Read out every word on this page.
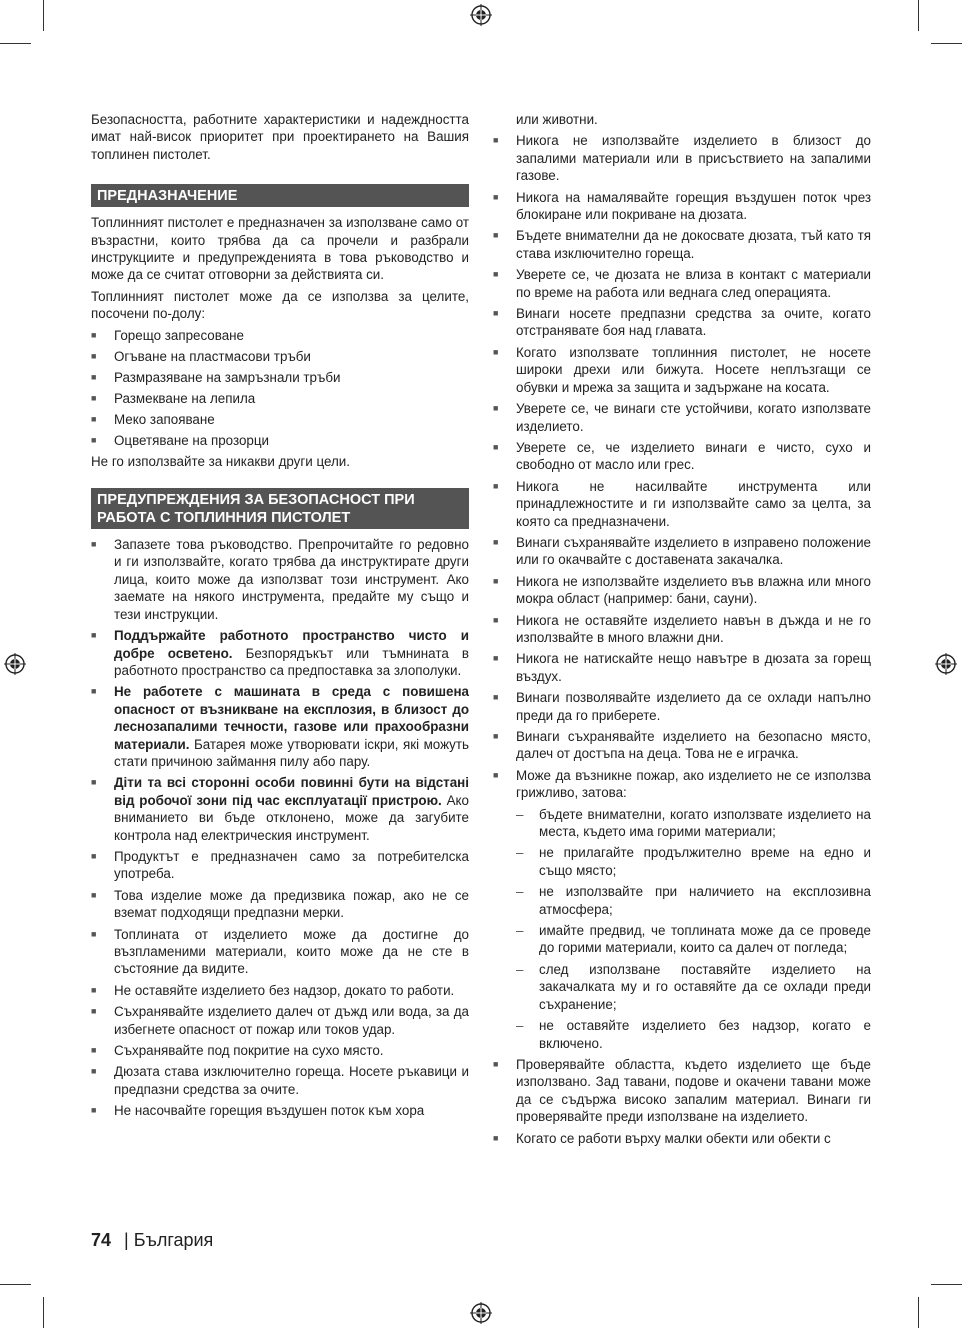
Безопасността, работните характеристики и надеждността имат най-висок приоритет при проектирането на Вашия топлинен пистолет.

ПРЕДНАЗНАЧЕНИЕ

Топлинният пистолет е предназначен за използване само от възрастни, които трябва да са прочели и разбрали инструкциите и предупрежденията в това ръководство и може да се считат отговорни за действията си.

Топлинният пистолет може да се използва за целите, посочени по-долу:

■ Горещо запресоване
■ Огъване на пластмасови тръби
■ Размразяване на замръзнали тръби
■ Размекване на лепила
■ Меко запояване
■ Оцветяване на прозорци

Не го използвайте за никакви други цели.

ПРЕДУПРЕЖДЕНИЯ ЗА БЕЗОПАСНОСТ ПРИ РАБОТА С ТОПЛИННИЯ ПИСТОЛЕТ
■ Запазете това ръководство. Препрочитайте го редовно и ги използвайте, когато трябва да инструктирате други лица, които може да използват този инструмент. Ако заемате на някого инструмента, предайте му също и тези инструкции.
■ Поддържайте работното пространство чисто и добре осветено. Безпорядъкът или тъмнината в работното пространство са предпоставка за злополуки.
■ Не работете с машината в среда с повишена опасност от възникване на експлозия, в близост до леснозапалими течности, газове или прахообразни материали. Батарея може утворювати іскри, які можуть стати причиною займання пилу або пару.
■ Діти та всі сторонні особи повинні бути на відстані від робочої зони під час експлуатації пристрою. Ако вниманието ви бъде отклонено, може да загубите контрола над електрическия инструмент.
■ Продуктът е предназначен само за потребителска употреба.
■ Това изделие може да предизвика пожар, ако не се вземат подходящи предпазни мерки.
■ Топлината от изделието може да достигне до възпламеними материали, които може да не сте в състояние да видите.
■ Не оставяйте изделието без надзор, докато то работи.
■ Съхранявайте изделието далеч от дъжд или вода, за да избегнете опасност от пожар или токов удар.
■ Съхранявайте под покритие на сухо място.
■ Дюзата става изключително гореща. Носете ръкавици и предпазни средства за очите.
■ Не насочвайте горещия въздушен поток към хора

или животни.

■ Никога не използвайте изделието в близост до запалими материали или в присъствието на запалими газове.
■ Никога на намалявайте горещия въздушен поток чрез блокиране или покриване на дюзата.
■ Бъдете внимателни да не докосвате дюзата, тъй като тя става изключително гореща.
■ Уверете се, че дюзата не влиза в контакт с материали по време на работа или веднага след операцията.
■ Винаги носете предпазни средства за очите, когато отстранявате боя над главата.
■ Когато използвате топлинния пистолет, не носете широки дрехи или бижута. Носете неплъзгащи се обувки и мрежа за защита и задържане на косата.
■ Уверете се, че винаги сте устойчиви, когато използвате изделието.
■ Уверете се, че изделието винаги е чисто, сухо и свободно от масло или грес.
■ Никога не насилвайте инструмента или принадлежностите и ги използвайте само за целта, за която са предназначени.
■ Винаги съхранявайте изделието в изправено положение или го окачвайте с доставената закачалка.
■ Никога не използвайте изделието във влажна или много мокра област (например: бани, сауни).
■ Никога не оставяйте изделието навън в дъжда и не го използвайте в много влажни дни.
■ Никога не натискайте нещо навътре в дюзата за горещ въздух.
■ Винаги позволявайте изделието да се охлади напълно преди да го приберете.
■ Винаги съхранявайте изделието на безопасно място, далеч от достъпа на деца. Това не е играчка.
■ Може да възникне пожар, ако изделието не се използва грижливо, затова:
– бъдете внимателни, когато използвате изделието на места, където има горими материали;
– не прилагайте продължително време на едно и също място;
– не използвайте при наличието на експлозивна атмосфера;
– имайте предвид, че топлината може да се проведе до горими материали, които са далеч от погледа;
– след използване поставяйте изделието на закачалката му и го оставяйте да се охлади преди съхранение;
– не оставяйте изделието без надзор, когато е включено.
■ Проверявайте областта, където изделието ще бъде използвано. Зад тавани, подове и окачени тавани може да се съдържа високо запалим материал. Винаги ги проверявайте преди използване на изделието.
■ Когато се работи върху малки обекти или обекти с
74 | България
